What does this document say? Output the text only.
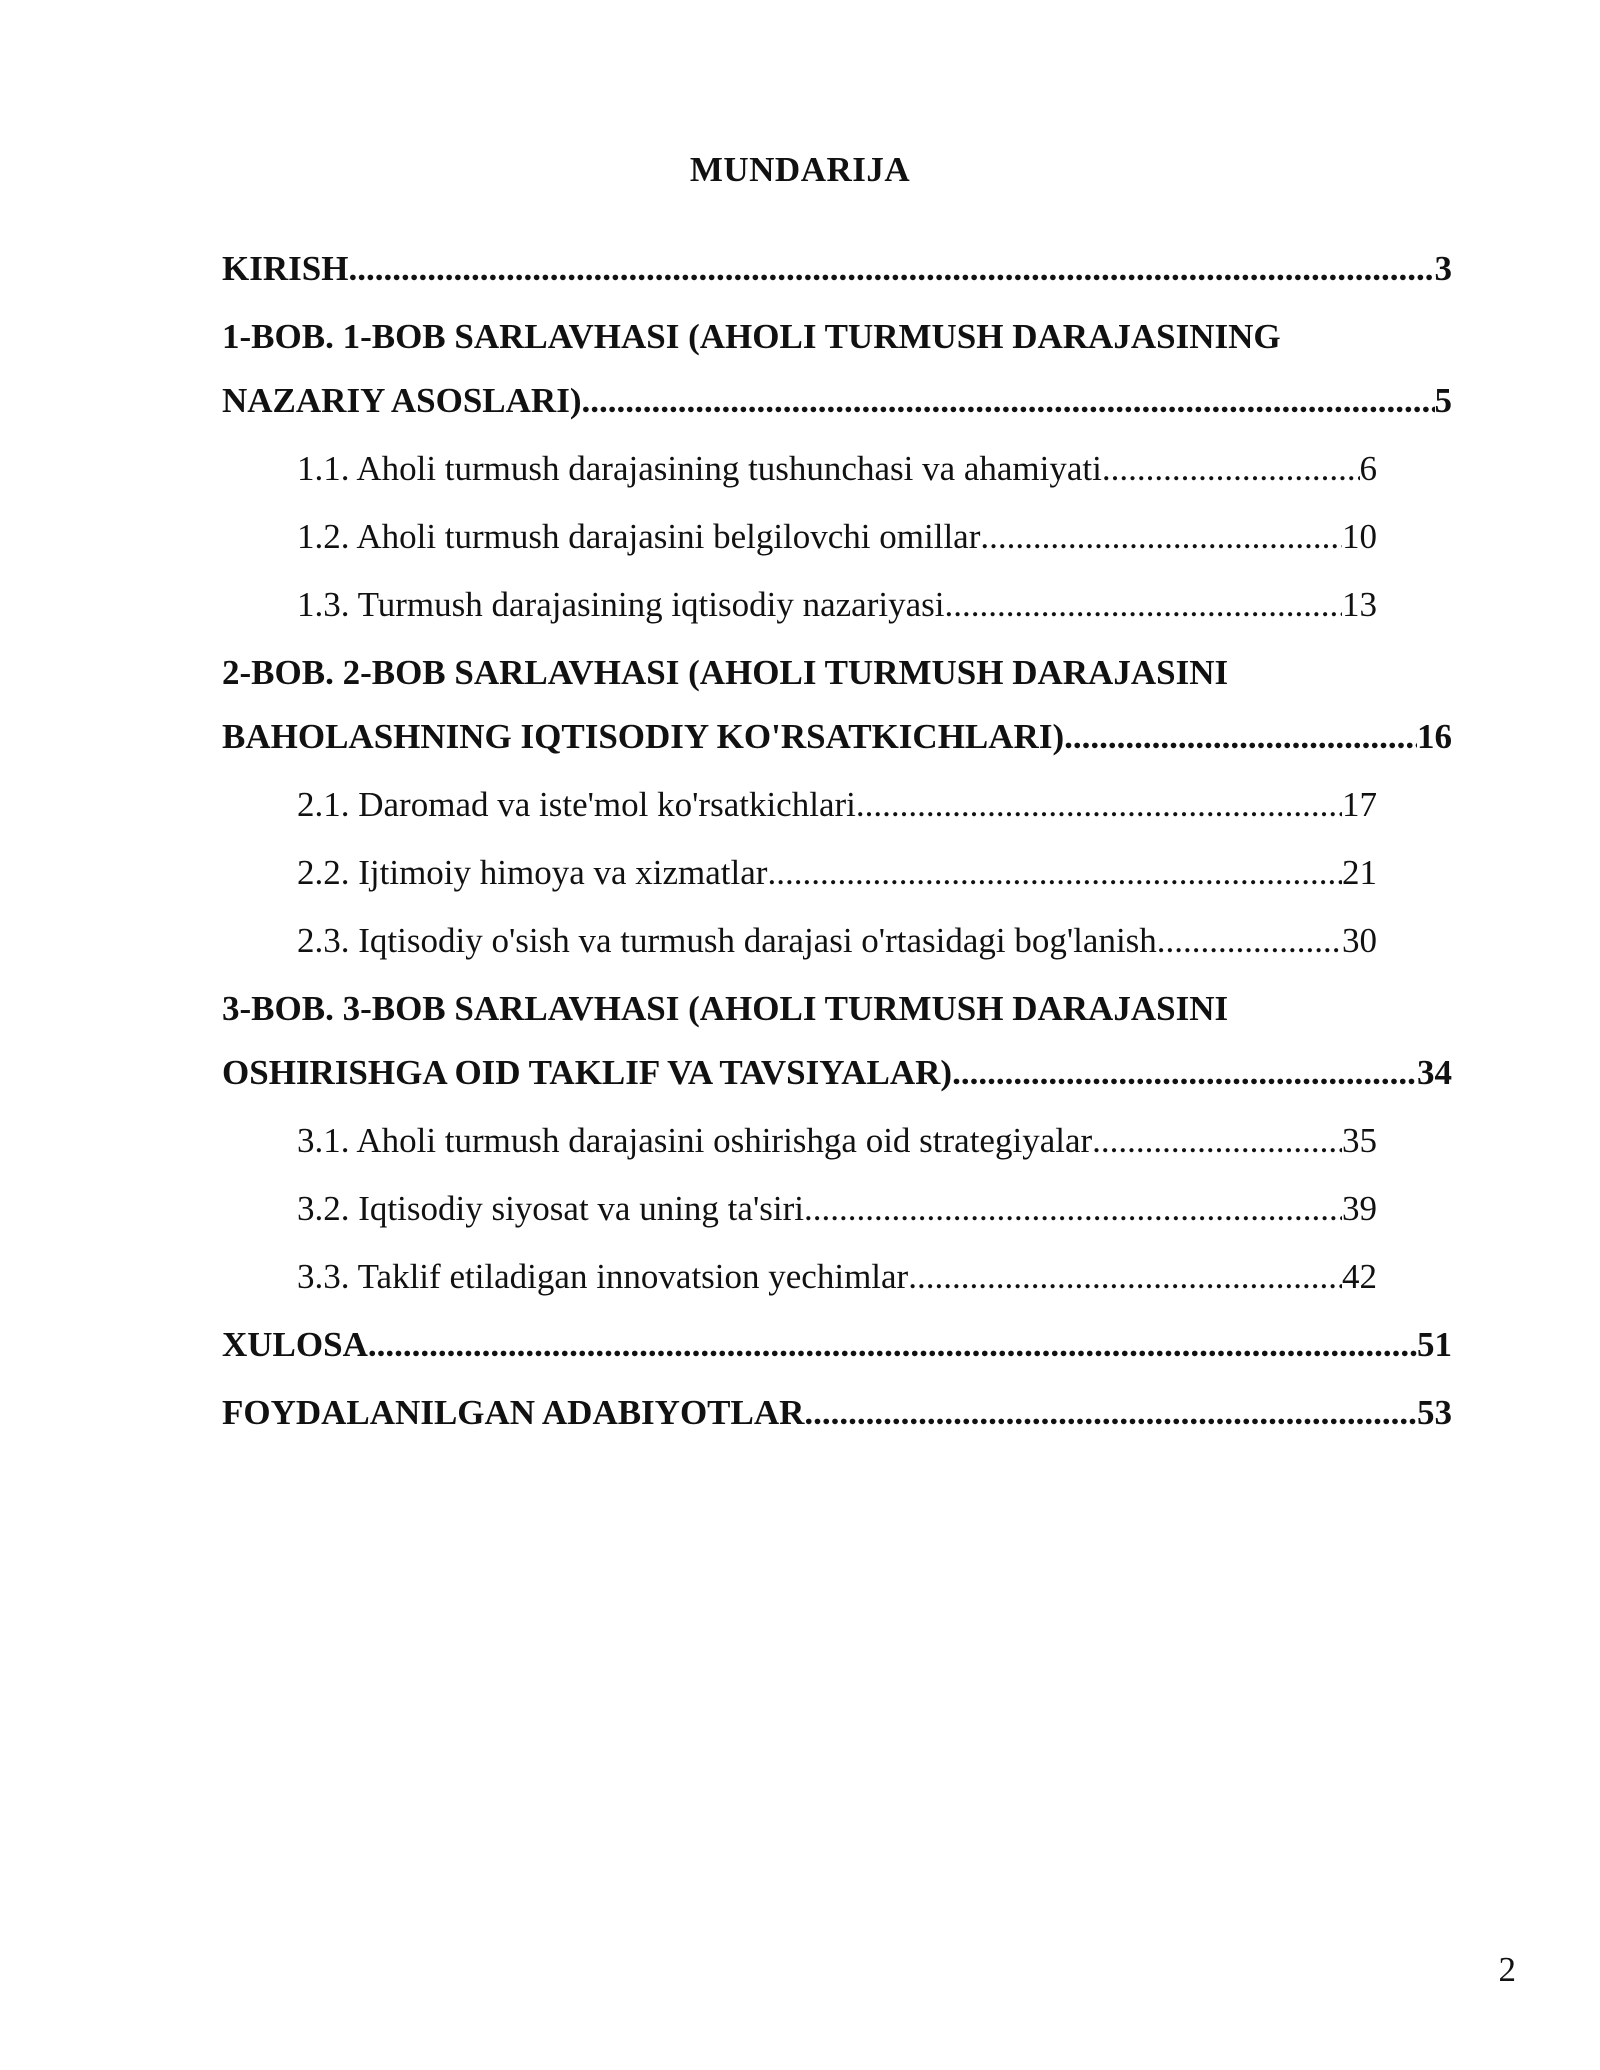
MUNDARIJA
KIRISH .....	3
1-BOB. 1-BOB SARLAVHASI (AHOLI TURMUSH DARAJASINING
NAZARIY ASOSLARI) .....	5
1.1. Aholi turmush darajasining tushunchasi va ahamiyati .....	6
1.2. Aholi turmush darajasini belgilovchi omillar .....	10
1.3. Turmush darajasining iqtisodiy nazariyasi .....	13
2-BOB. 2-BOB SARLAVHASI (AHOLI TURMUSH DARAJASINI
BAHOLASHNING IQTISODIY KO'RSATKICHLARI) .....	16
2.1. Daromad va iste'mol ko'rsatkichlari .....	17
2.2. Ijtimoiy himoya va xizmatlar .....	21
2.3. Iqtisodiy o'sish va turmush darajasi o'rtasidagi bog'lanish .....	30
3-BOB. 3-BOB SARLAVHASI (AHOLI TURMUSH DARAJASINI
OSHIRISHGA OID TAKLIF VA TAVSIYALAR) .....	34
3.1. Aholi turmush darajasini oshirishga oid strategiyalar .....	35
3.2. Iqtisodiy siyosat va uning ta'siri .....	39
3.3. Taklif etiladigan innovatsion yechimlar .....	42
XULOSA .....	51
FOYDALANILGAN ADABIYOTLAR .....	53
2
